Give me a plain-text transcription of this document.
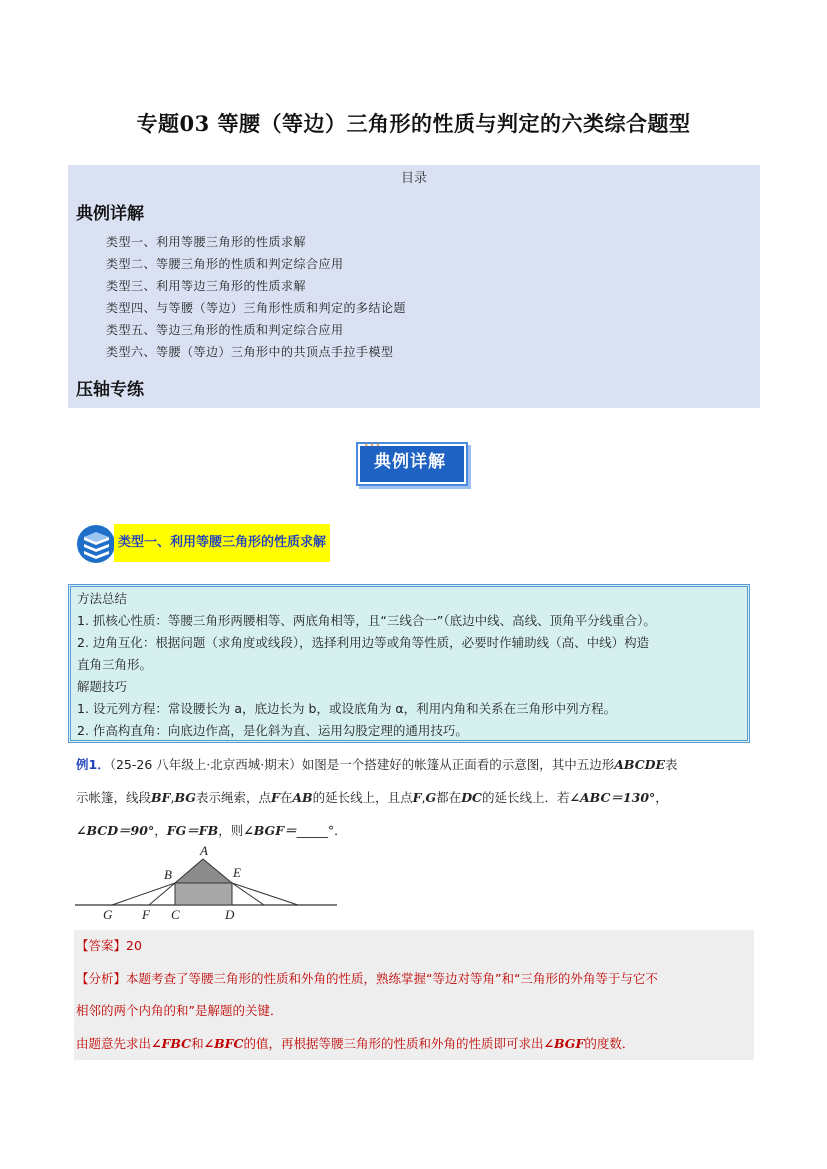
专题03 等腰（等边）三角形的性质与判定的六类综合题型
目录
典例详解
类型一、利用等腰三角形的性质求解
类型二、等腰三角形的性质和判定综合应用
类型三、利用等边三角形的性质求解
类型四、与等腰（等边）三角形性质和判定的多结论题
类型五、等边三角形的性质和判定综合应用
类型六、等腰（等边）三角形中的共顶点手拉手模型
压轴专练
典例详解
•••
类型一、利用等腰三角形的性质求解
方法总结
1. 抓核心性质：等腰三角形两腰相等、两底角相等，且“三线合一”（底边中线、高线、顶角平分线重合）。
2. 边角互化：根据问题（求角度或线段），选择利用边等或角等性质，必要时作辅助线（高、中线）构造
直角三角形。
解题技巧
1. 设元列方程：常设腰长为 a，底边长为 b，或设底角为 α，利用内角和关系在三角形中列方程。
2. 作高构直角：向底边作高，是化斜为直、运用勾股定理的通用技巧。
例1．（25-26 八年级上·北京西城·期末）如图是一个搭建好的帐篷从正面看的示意图，其中五边形ABCDE表
示帐篷，线段BF,BG表示绳索，点F在AB的延长线上，且点F,G都在DC的延长线上．若∠ABC＝130°，
∠BCD＝90°，FG＝FB，则∠BGF＝_____°．
A
B	E
G F C	D
【答案】20
【分析】本题考查了等腰三角形的性质和外角的性质，熟练掌握“等边对等角”和“三角形的外角等于与它不
相邻的两个内角的和”是解题的关键．
由题意先求出∠FBC和∠BFC的值，再根据等腰三角形的性质和外角的性质即可求出∠BGF的度数．
